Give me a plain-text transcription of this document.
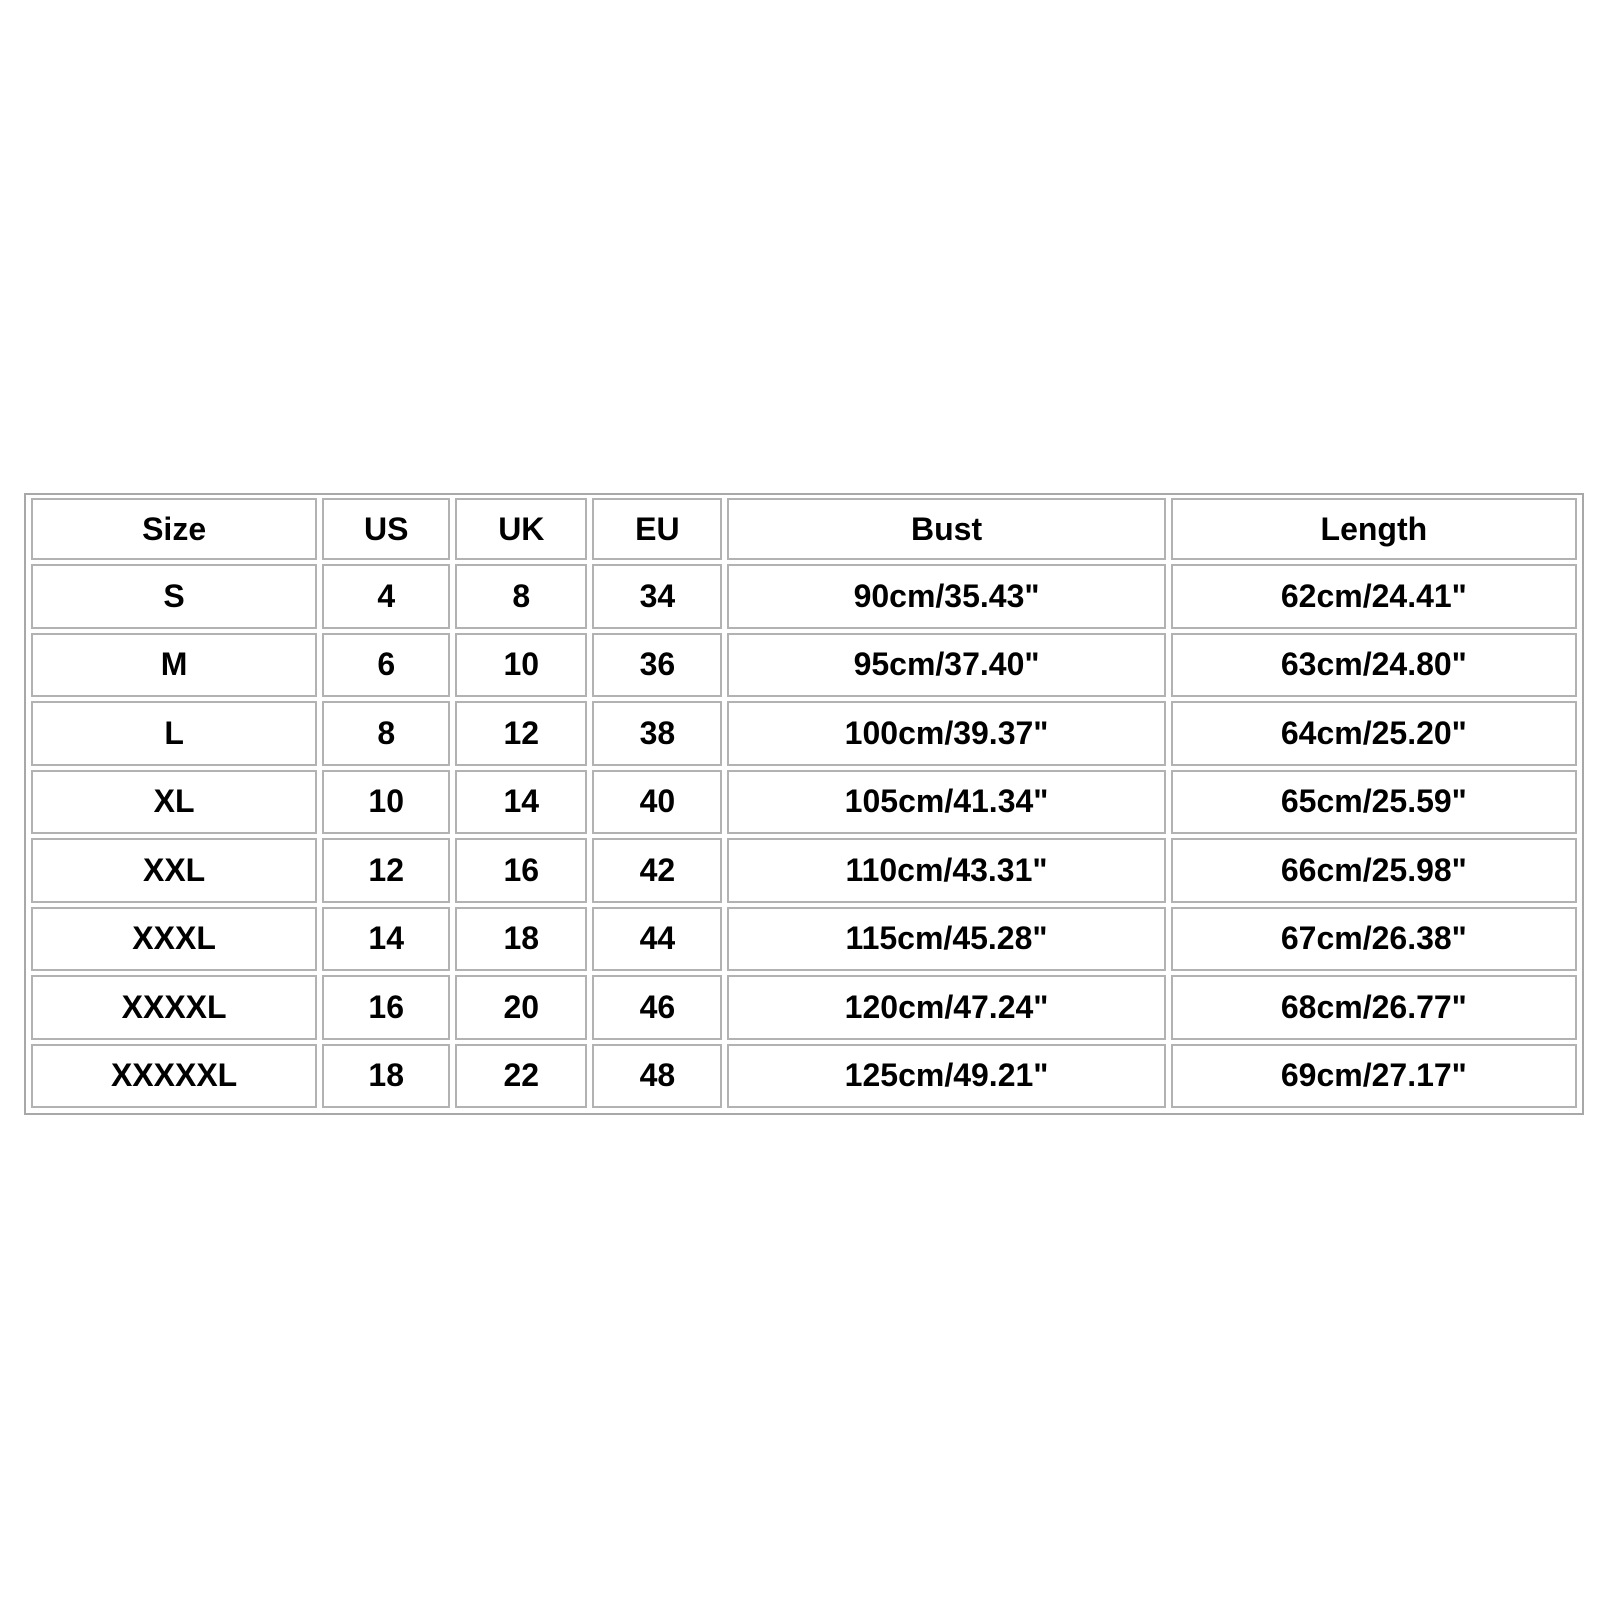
Size	US	UK	EU	Bust	Length
S	4	8	34	90cm/35.43"	62cm/24.41"
M	6	10	36	95cm/37.40"	63cm/24.80"
L	8	12	38	100cm/39.37"	64cm/25.20"
XL	10	14	40	105cm/41.34"	65cm/25.59"
XXL	12	16	42	110cm/43.31"	66cm/25.98"
XXXL	14	18	44	115cm/45.28"	67cm/26.38"
XXXXL	16	20	46	120cm/47.24"	68cm/26.77"
XXXXXL	18	22	48	125cm/49.21"	69cm/27.17"
